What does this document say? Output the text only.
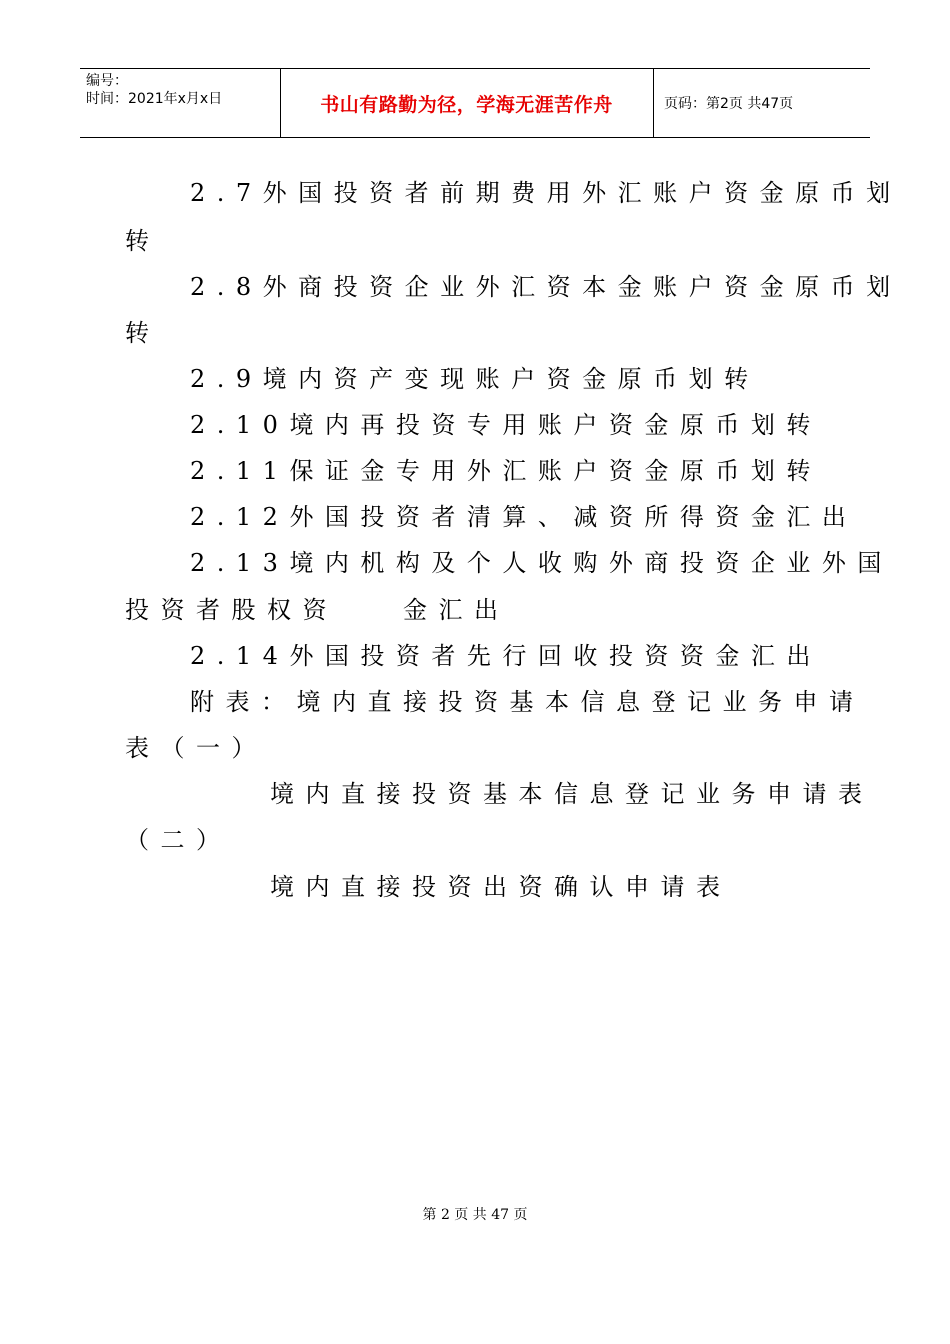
编号：
时间：2021年x月x日	书山有路勤为径，学海无涯苦作舟	页码：第2页 共47页
2.7外国投资者前期费用外汇账户资金原币划
转
2.8外商投资企业外汇资本金账户资金原币划
转
2.9境内资产变现账户资金原币划转
2.10境内再投资专用账户资金原币划转
2.11保证金专用外汇账户资金原币划转
2.12外国投资者清算、减资所得资金汇出
2.13境内机构及个人收购外商投资企业外国
投资者股权资	金汇出
2.14外国投资者先行回收投资资金汇出
附表：境内直接投资基本信息登记业务申请
表（一）
境内直接投资基本信息登记业务申请表
（二）
境内直接投资出资确认申请表
第 2 页 共 47 页
